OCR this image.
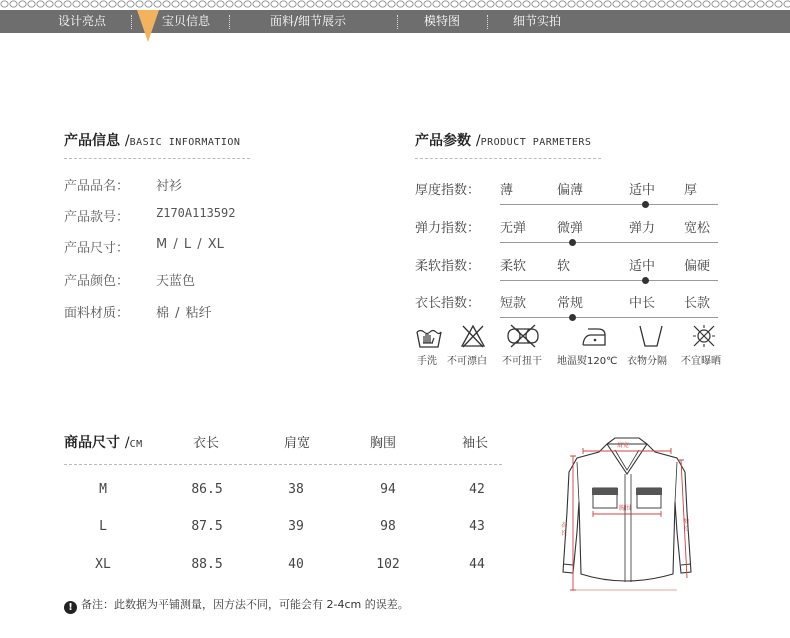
设计亮点	宝贝信息	面料/细节展示	模特图	细节实拍
产品信息 /BASIC INFORMATION
产品品名： 衬衫
产品款号： Z170A113592
产品尺寸： M / L / XL
产品颜色： 天蓝色
面料材质： 棉 / 粘纤
产品参数 /PRODUCT PARMETERS
厚度指数： 薄	偏薄	适中 厚
弹力指数： 无弹 微弹	弹力 宽松
柔软指数： 柔软 软	适中 偏硬
衣长指数： 短款 常规	中长 长款
手洗 不可漂白 不可扭干 地温熨120℃ 衣物分隔 不宜曝晒
商品尺寸 /CM	衣长	肩宽	胸围	袖长
M	86.5	38	94	42
L	87.5	39	98	43
XL	88.5	40	102	44
肩宽
胸围
衣长
袖长
! 备注：此数据为平铺测量，因方法不同，可能会有 2-4cm 的误差。
